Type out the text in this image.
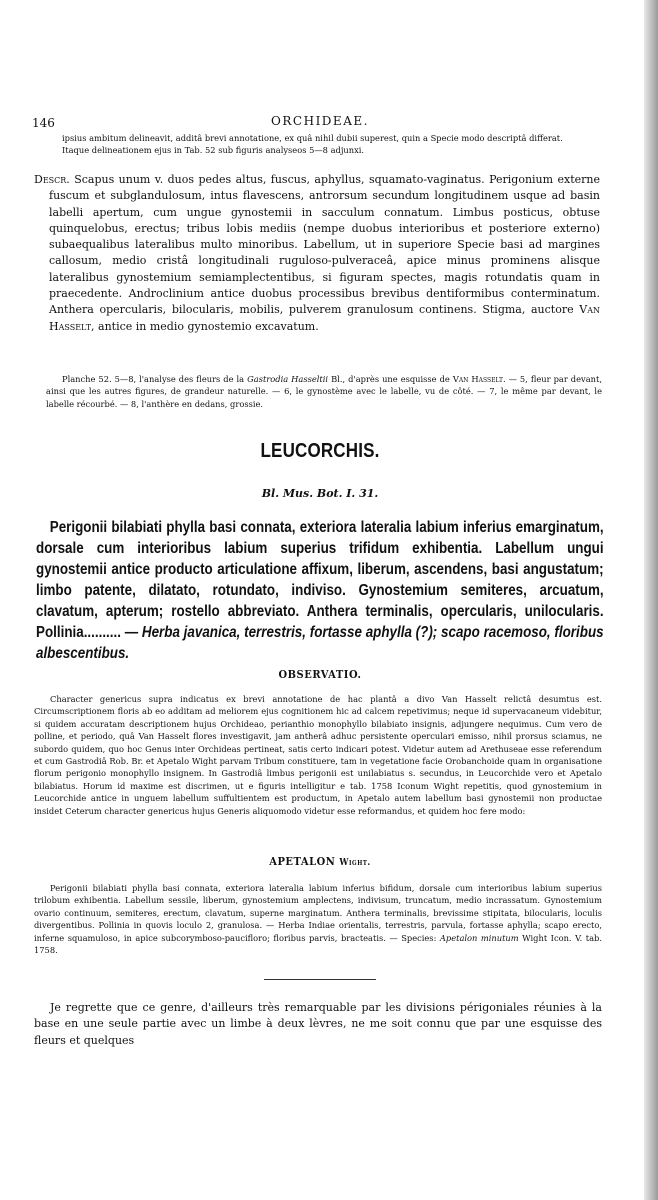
146	ORCHIDEAE.

ipsius ambitum delineavit, additâ brevi annotatione, ex quâ nihil dubii superest, quin a Specie modo descriptâ differat.

Itaque delineationem ejus in Tab. 52 sub figuris analyseos 5—8 adjunxi.

Descr. Scapus unum v. duos pedes altus, fuscus, aphyllus, squamato-vaginatus. Perigonium externe fuscum et subglandulosum, intus flavescens, antrorsum secundum longitudinem usque ad basin labelli apertum, cum ungue gynostemii in sacculum connatum. Limbus posticus, obtuse quinquelobus, erectus; tribus lobis mediis (nempe duobus interioribus et posteriore externo) subaequalibus lateralibus multo minoribus. Labellum, ut in superiore Specie basi ad margines callosum, medio cristâ longitudinali ruguloso-pulveraceâ, apice minus prominens alisque lateralibus gynostemium semiamplectentibus, si figuram spectes, magis rotundatis quam in praecedente. Androclinium antice duobus processibus brevibus dentiformibus conterminatum. Anthera opercularis, bilocularis, mobilis, pulverem granulosum continens. Stigma, auctore Van Hasselt, antice in medio gynostemio excavatum.

Planche 52. 5—8, l'analyse des fleurs de la Gastrodia Hasseltii Bl., d'après une esquisse de Van Hasselt. — 5, fleur par devant, ainsi que les autres figures, de grandeur naturelle. — 6, le gynostème avec le labelle, vu de côté. — 7, le même par devant, le labelle récourbé. — 8, l'anthère en dedans, grossie.

LEUCORCHIS.
Bl. Mus. Bot. I. 31.

Perigonii bilabiati phylla basi connata, exteriora lateralia labium inferius emarginatum, dorsale cum interioribus labium superius trifidum exhibentia. Labellum ungui gynostemii antice producto articulatione affixum, liberum, ascendens, basi angustatum; limbo patente, dilatato, rotundato, indiviso. Gynostemium semiteres, arcuatum, clavatum, apterum; rostello abbreviato. Anthera terminalis, opercularis, unilocularis. Pollinia.......... — Herba javanica, terrestris, fortasse aphylla (?); scapo racemoso, floribus albescentibus.

OBSERVATIO.

Character genericus supra indicatus ex brevi annotatione de hac plantâ a divo Van Hasselt relictâ desumtus est. Circumscriptionem floris ab eo additam ad meliorem ejus cognitionem hic ad calcem repetivimus; neque id supervacaneum videbitur, si quidem accuratam descriptionem hujus Orchideao, perianthio monophyllo bilabiato insignis, adjungere nequimus. Cum vero de polline, et periodo, quâ Van Hasselt flores investigavit, jam antherâ adhuc persistente operculari emisso, nihil prorsus sciamus, ne subordo quidem, quo hoc Genus inter Orchideas pertineat, satis certo indicari potest. Videtur autem ad Arethuseae esse referendum et cum Gastrodiâ Rob. Br. et Apetalo Wight parvam Tribum constituere, tam in vegetatione facie Orobanchoide quam in organisatione florum perigonio monophyllo insignem. In Gastrodiâ limbus perigonii est unilabiatus s. secundus, in Leucorchide vero et Apetalo bilabiatus. Horum id maxime est discrimen, ut e figuris intelligitur e tab. 1758 Iconum Wight repetitis, quod gynostemium in Leucorchide antice in unguem labellum suffultientem est productum, in Apetalo autem labellum basi gynostemii non productae insidet Ceterum character genericus hujus Generis aliquomodo videtur esse reformandus, et quidem hoc fere modo:

APETALON Wight.

Perigonii bilabiati phylla basi connata, exteriora lateralia labium inferius bifidum, dorsale cum interioribus labium superius trilobum exhibentia. Labellum sessile, liberum, gynostemium amplectens, indivisum, truncatum, medio incrassatum. Gynostemium ovario continuum, semiteres, erectum, clavatum, superne marginatum. Anthera terminalis, brevissime stipitata, bilocularis, loculis divergentibus. Pollinia in quovis loculo 2, granulosa. — Herba Indiae orientalis, terrestris, parvula, fortasse aphylla; scapo erecto, inferne squamuloso, in apice subcorymboso-paucifloro; floribus parvis, bracteatis. — Species: Apetalon minutum Wight Icon. V. tab. 1758.

Je regrette que ce genre, d'ailleurs très remarquable par les divisions périgoniales réunies à la base en une seule partie avec un limbe à deux lèvres, ne me soit connu que par une esquisse des fleurs et quelques
